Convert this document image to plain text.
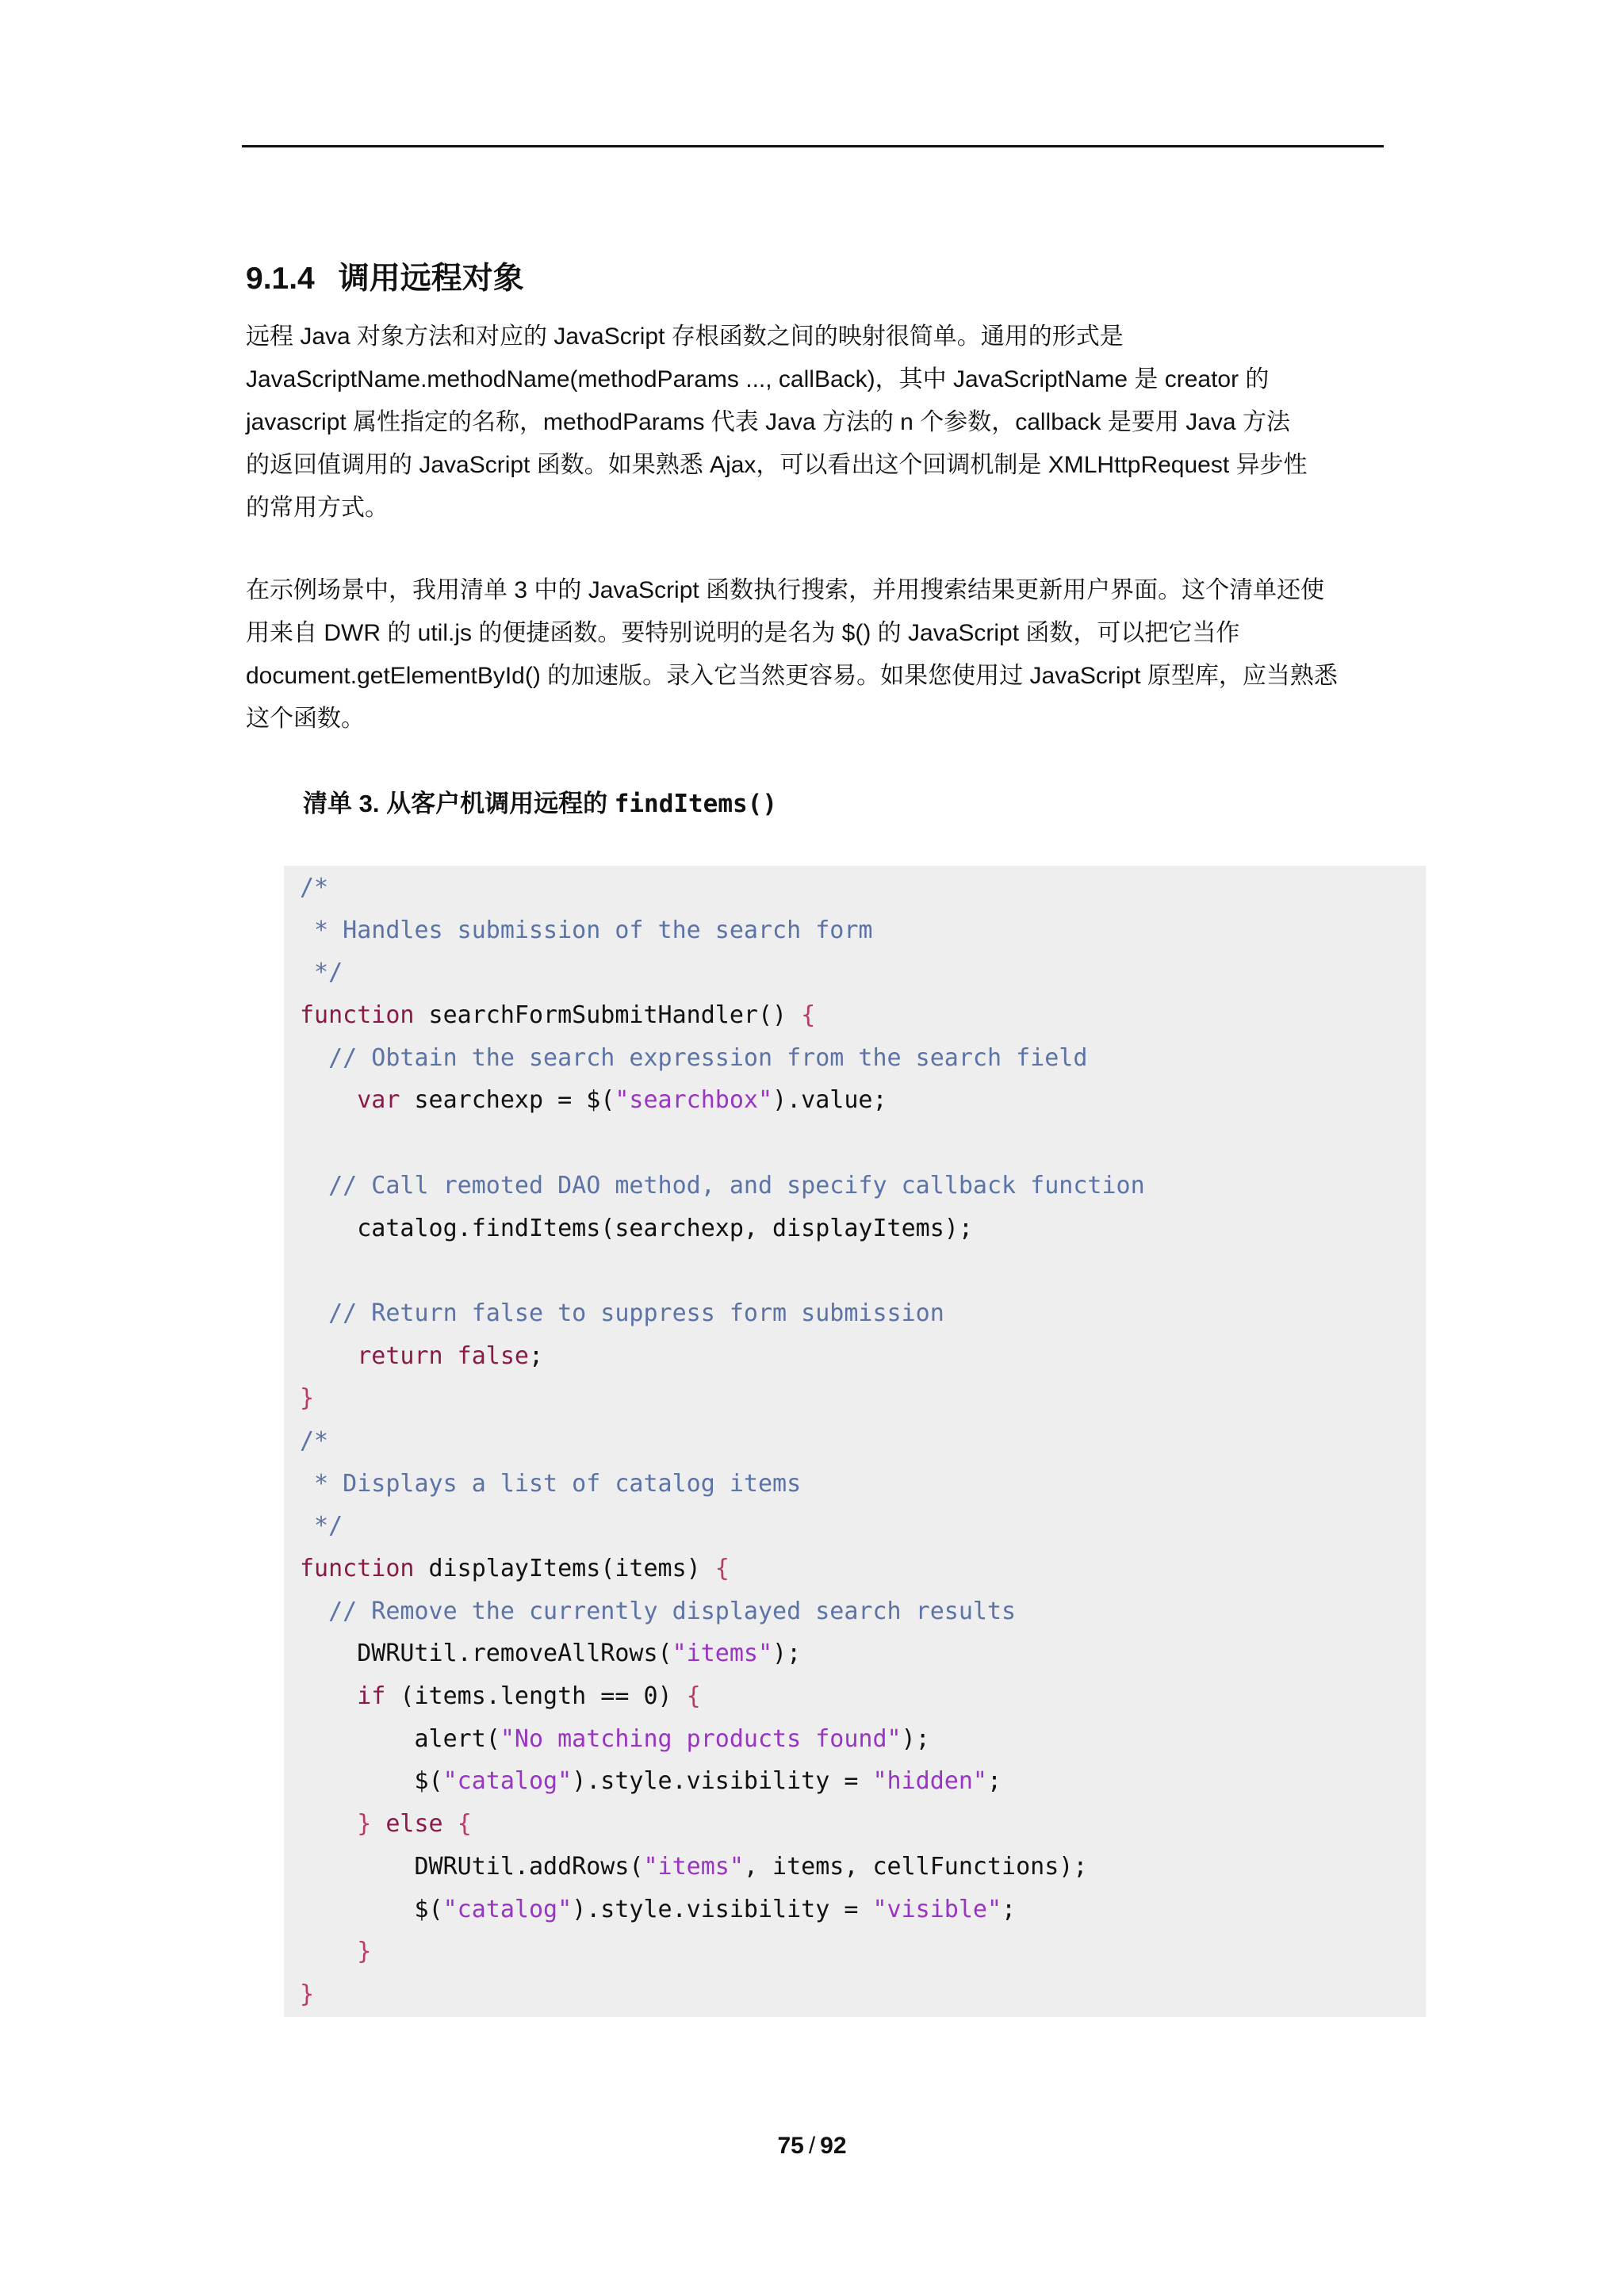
9.1.4 调用远程对象

远程 Java 对象方法和对应的 JavaScript 存根函数之间的映射很简单。通用的形式是

JavaScriptName.methodName(methodParams ..., callBack)，其中 JavaScriptName 是 creator 的

javascript 属性指定的名称，methodParams 代表 Java 方法的 n 个参数，callback 是要用 Java 方法

的返回值调用的 JavaScript 函数。如果熟悉 Ajax，可以看出这个回调机制是 XMLHttpRequest 异步性

的常用方式。

在示例场景中，我用清单 3 中的 JavaScript 函数执行搜索，并用搜索结果更新用户界面。这个清单还使

用来自 DWR 的 util.js 的便捷函数。要特别说明的是名为 $() 的 JavaScript 函数，可以把它当作

document.getElementById() 的加速版。录入它当然更容易。如果您使用过 JavaScript 原型库，应当熟悉

这个函数。

清单 3. 从客户机调用远程的 findItems()
/*
* Handles submission of the search form
*/
function searchFormSubmitHandler() {
// Obtain the search expression from the search field
var searchexp = $("searchbox").value;

// Call remoted DAO method, and specify callback function
catalog.findItems(searchexp, displayItems);

// Return false to suppress form submission
return false;
}
/*
* Displays a list of catalog items
*/
function displayItems(items) {
// Remove the currently displayed search results
DWRUtil.removeAllRows("items");
if (items.length == 0) {
alert("No matching products found");
$("catalog").style.visibility = "hidden";
} else {
DWRUtil.addRows("items", items, cellFunctions);
$("catalog").style.visibility = "visible";
}
}
75 / 92
